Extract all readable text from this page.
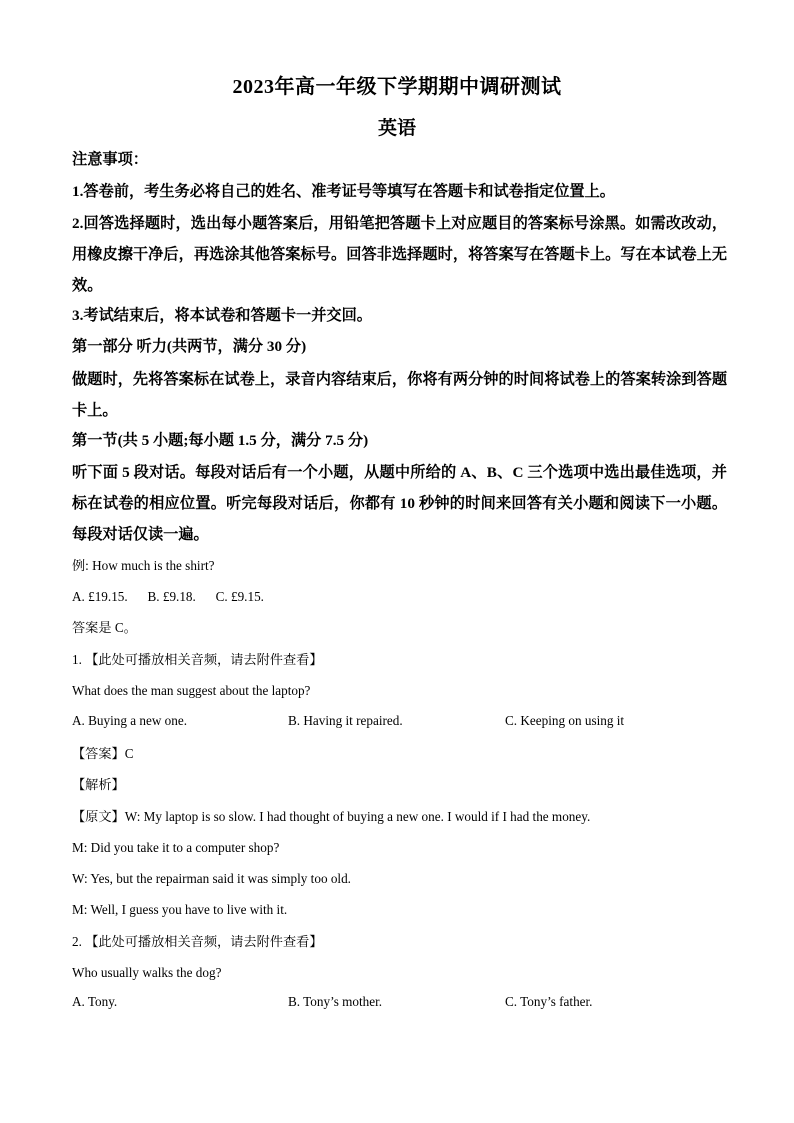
2023年高一年级下学期期中调研测试
英语
注意事项：
1.答卷前，考生务必将自己的姓名、准考证号等填写在答题卡和试卷指定位置上。
2.回答选择题时，选出每小题答案后，用铅笔把答题卡上对应题目的答案标号涂黑。如需改改动，用橡皮擦干净后，再选涂其他答案标号。回答非选择题时，将答案写在答题卡上。写在本试卷上无效。
3.考试结束后，将本试卷和答题卡一并交回。
第一部分 听力(共两节，满分 30 分)
做题时，先将答案标在试卷上，录音内容结束后，你将有两分钟的时间将试卷上的答案转涂到答题卡上。
第一节(共 5 小题;每小题 1.5 分，满分 7.5 分)
听下面 5 段对话。每段对话后有一个小题，从题中所给的 A、B、C 三个选项中选出最佳选项，并标在试卷的相应位置。听完每段对话后，你都有 10 秒钟的时间来回答有关小题和阅读下一小题。每段对话仅读一遍。
例: How much is the shirt?
A. £19.15.      B. £9.18.      C. £9.15.
答案是 C。
1. 【此处可播放相关音频，请去附件查看】
What does the man suggest about the laptop?
A. Buying a new one.	B. Having it repaired.	C. Keeping on using it
【答案】C
【解析】
【原文】W: My laptop is so slow. I had thought of buying a new one. I would if I had the money.
M: Did you take it to a computer shop?
W: Yes, but the repairman said it was simply too old.
M: Well, I guess you have to live with it.
2. 【此处可播放相关音频，请去附件查看】
Who usually walks the dog?
A. Tony.	B. Tony’s mother.	C. Tony’s father.
